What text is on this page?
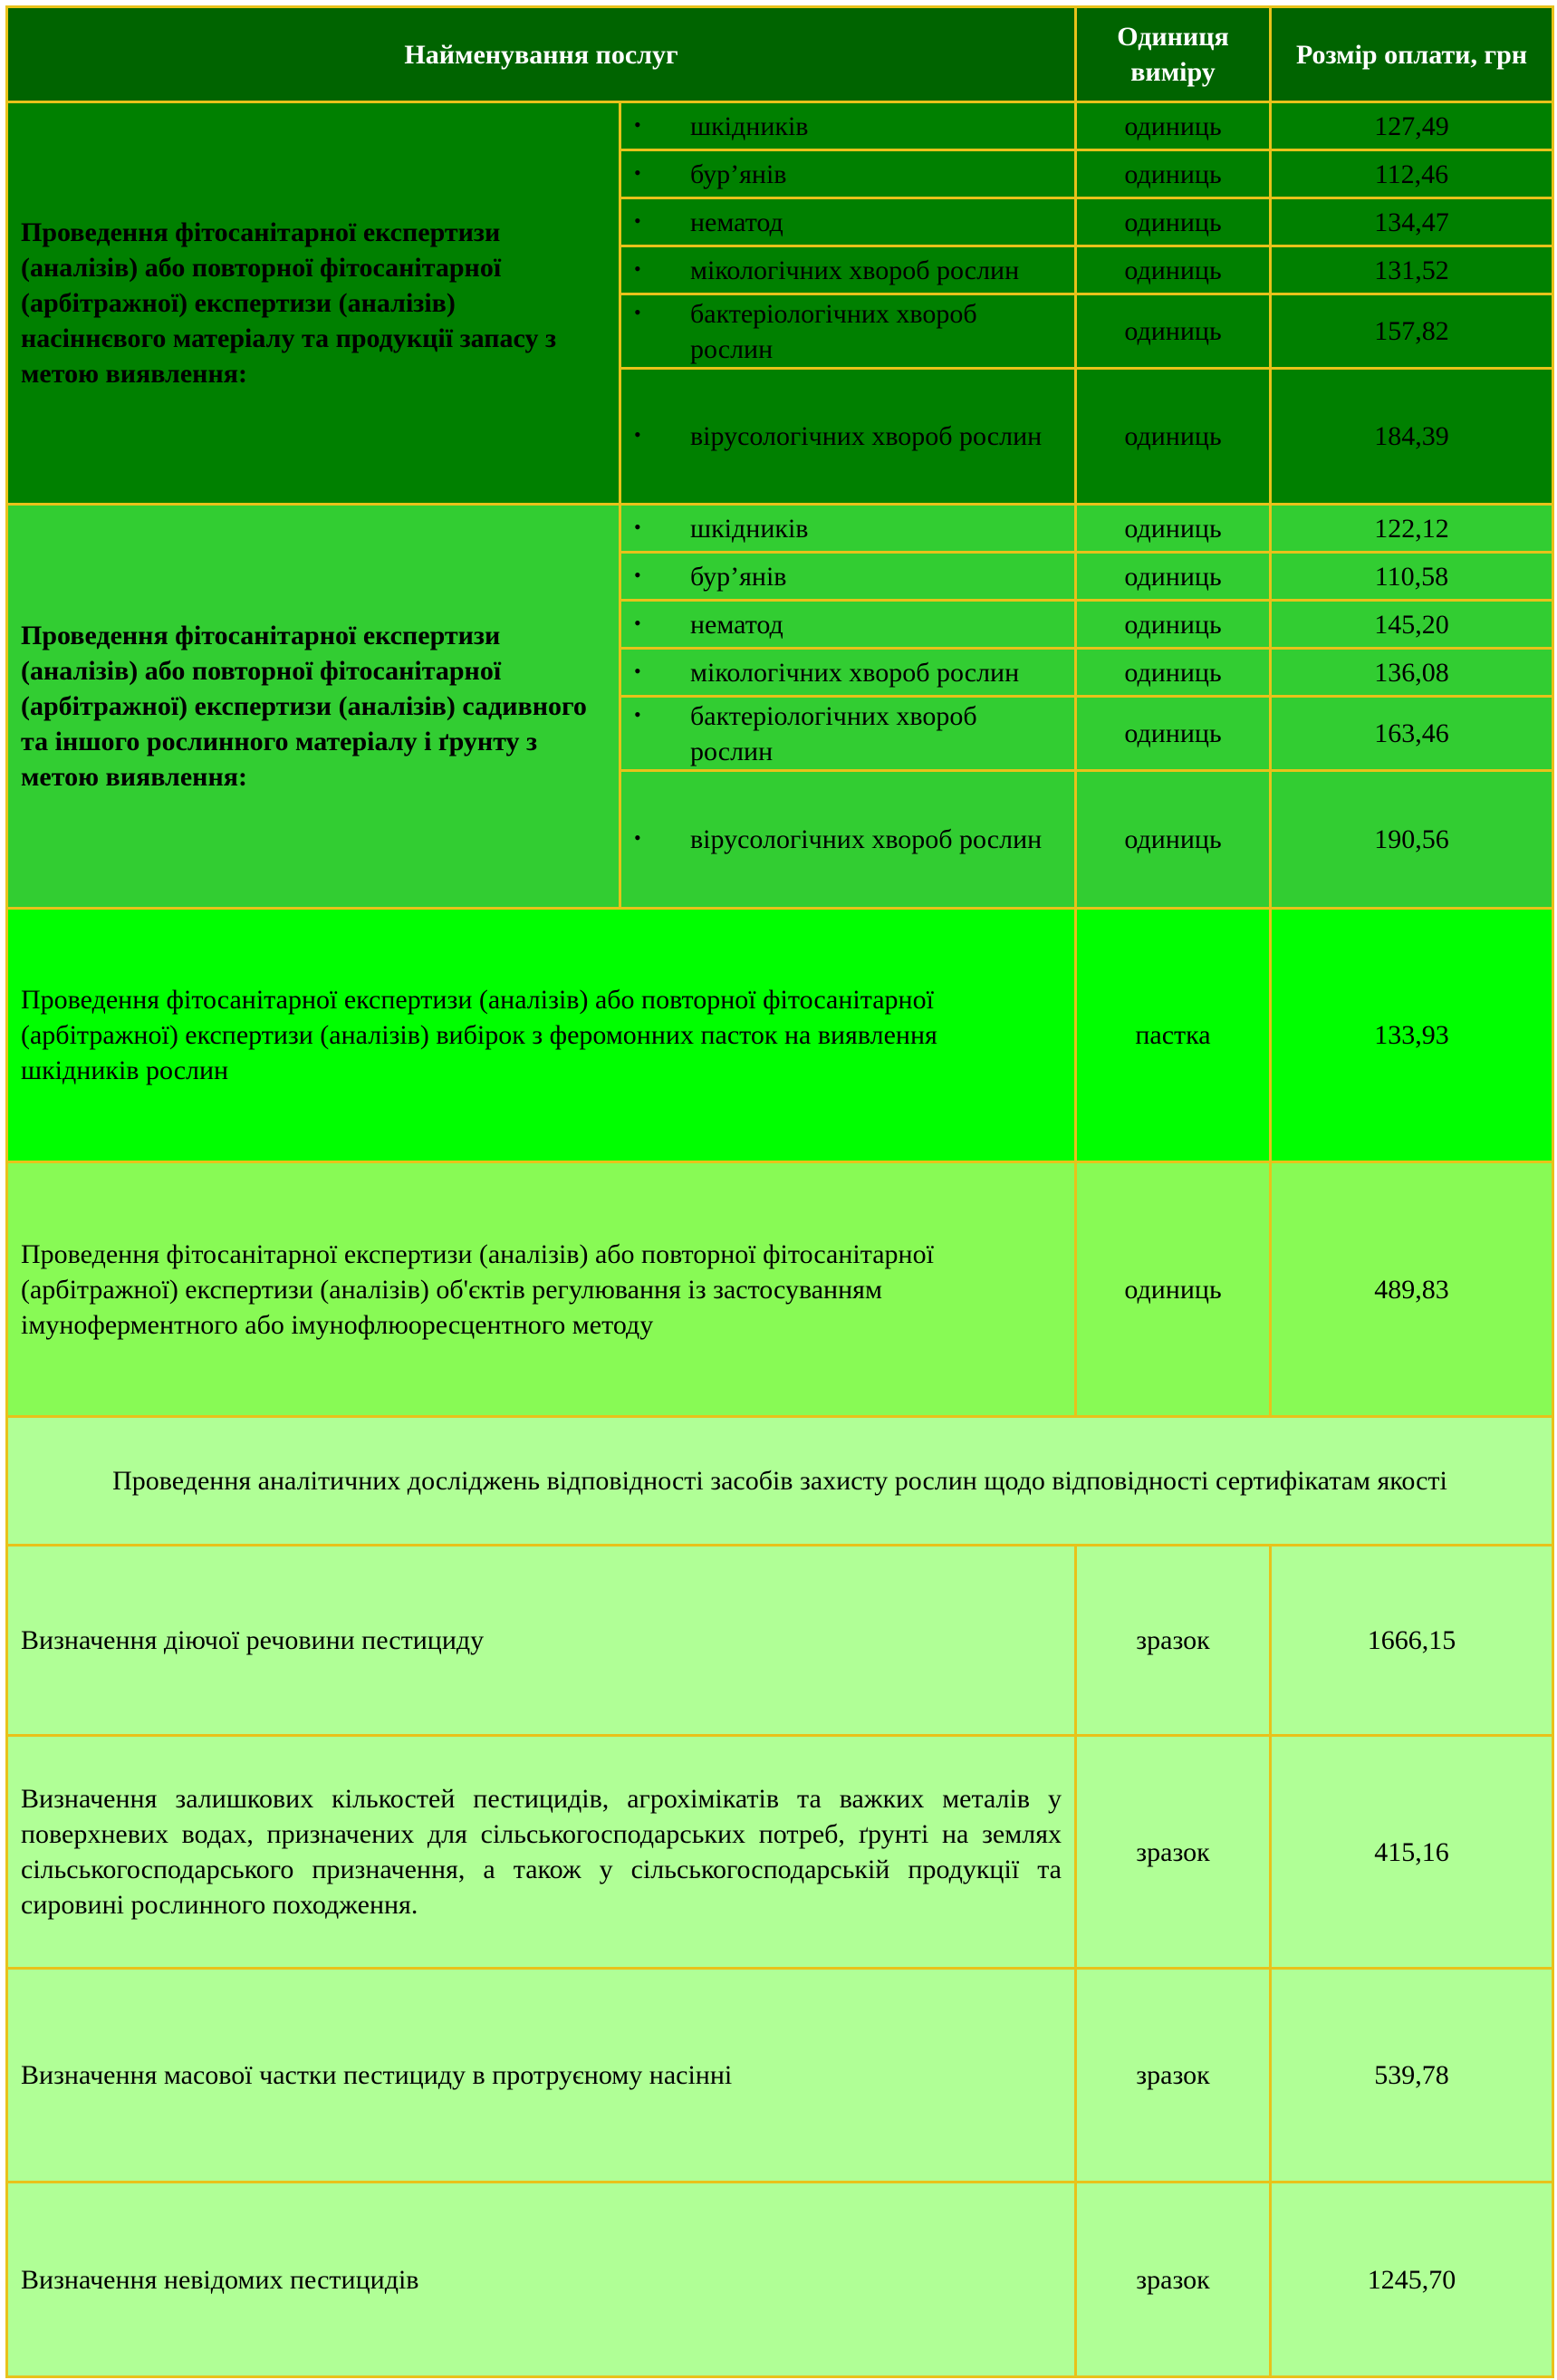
Найменування послуг		Одиниця виміру	Розмір оплати, грн
Проведення фітосанітарної експертизи (аналізів) або повторної фітосанітарної (арбітражної) експертизи (аналізів) насіннєвого матеріалу та продукції запасу з метою виявлення:	• шкідників	одиниць	127,49

	• бур’янів	одиниць	112,46

	• нематод	одиниць	134,47

	• мікологічних хвороб рослин	одиниць	131,52

	• бактеріологічних хвороб рослин	одиниць	157,82

	• вірусологічних хвороб рослин	одиниць	184,39
Проведення фітосанітарної експертизи (аналізів) або повторної фітосанітарної (арбітражної) експертизи (аналізів) садивного та іншого рослинного матеріалу і ґрунту з метою виявлення:	• шкідників	одиниць	122,12

	• бур’янів	одиниць	110,58

	• нематод	одиниць	145,20

	• мікологічних хвороб рослин	одиниць	136,08

	• бактеріологічних хвороб рослин	одиниць	163,46

	• вірусологічних хвороб рослин	одиниць	190,56
Проведення фітосанітарної експертизи (аналізів) або повторної фітосанітарної (арбітражної) експертизи (аналізів) вибірок з феромонних пасток на виявлення шкідників рослин		пастка	133,93
Проведення фітосанітарної експертизи (аналізів) або повторної фітосанітарної (арбітражної) експертизи (аналізів) об'єктів регулювання із застосуванням імуноферментного або імунофлюоресцентного методу		одиниць	489,83
Проведення аналітичних досліджень відповідності засобів захисту рослин щодо відповідності сертифікатам якості			
Визначення діючої речовини пестициду		зразок	1666,15
Визначення залишкових кількостей пестицидів, агрохімікатів та важких металів у поверхневих водах, призначених для сільськогосподарських потреб, ґрунті на землях сільськогосподарського призначення, а також у сільськогосподарській продукції та сировині рослинного походження.		зразок	415,16
Визначення масової частки пестициду в протруєному насінні		зразок	539,78
Визначення невідомих пестицидів		зразок	1245,70
